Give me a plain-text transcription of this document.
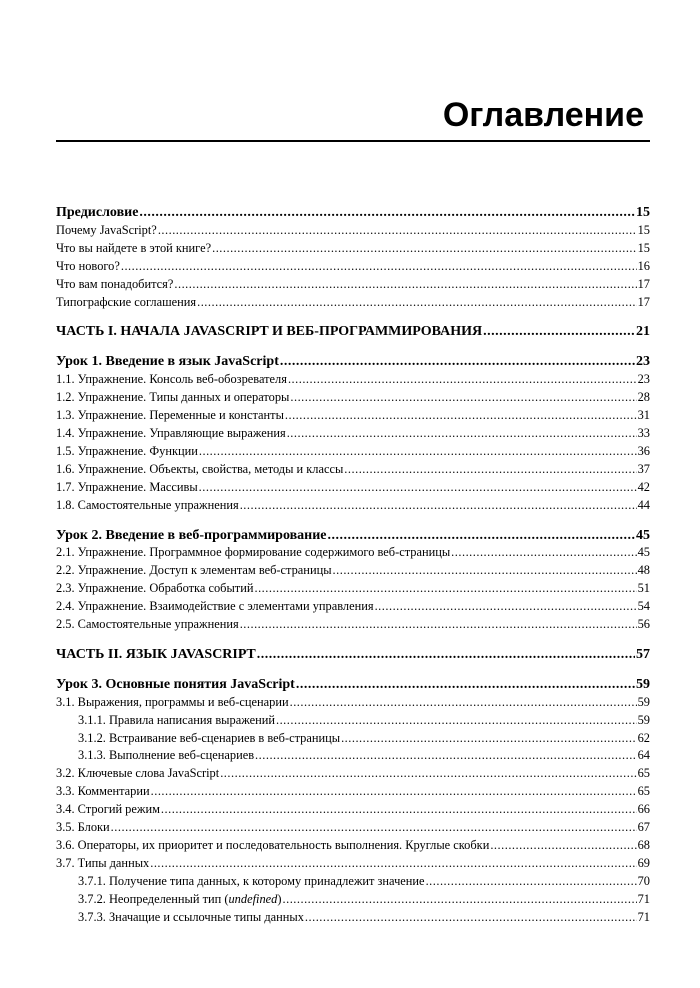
Оглавление
Предисловие .....	15
Почему JavaScript? .....	15
Что вы найдете в этой книге? .....	15
Что нового? .....	16
Что вам понадобится? .....	17
Типографские соглашения .....	17
ЧАСТЬ I. НАЧАЛА JAVASCRIPT И ВЕБ-ПРОГРАММИРОВАНИЯ .....	21
Урок 1. Введение в язык JavaScript .....	23
1.1. Упражнение. Консоль веб-обозревателя .....	23
1.2. Упражнение. Типы данных и операторы .....	28
1.3. Упражнение. Переменные и константы .....	31
1.4. Упражнение. Управляющие выражения .....	33
1.5. Упражнение. Функции .....	36
1.6. Упражнение. Объекты, свойства, методы и классы .....	37
1.7. Упражнение. Массивы .....	42
1.8. Самостоятельные упражнения .....	44
Урок 2. Введение в веб-программирование .....	45
2.1. Упражнение. Программное формирование содержимого веб-страницы .....	45
2.2. Упражнение. Доступ к элементам веб-страницы .....	48
2.3. Упражнение. Обработка событий .....	51
2.4. Упражнение. Взаимодействие с элементами управления .....	54
2.5. Самостоятельные упражнения .....	56
ЧАСТЬ II. ЯЗЫК JAVASCRIPT .....	57
Урок 3. Основные понятия JavaScript .....	59
3.1. Выражения, программы и веб-сценарии .....	59
3.1.1. Правила написания выражений .....	59
3.1.2. Встраивание веб-сценариев в веб-страницы .....	62
3.1.3. Выполнение веб-сценариев .....	64
3.2. Ключевые слова JavaScript .....	65
3.3. Комментарии .....	65
3.4. Строгий режим .....	66
3.5. Блоки .....	67
3.6. Операторы, их приоритет и последовательность выполнения. Круглые скобки .....	68
3.7. Типы данных .....	69
3.7.1. Получение типа данных, к которому принадлежит значение .....	70
3.7.2. Неопределенный тип (undefined) .....	71
3.7.3. Значащие и ссылочные типы данных .....	71
